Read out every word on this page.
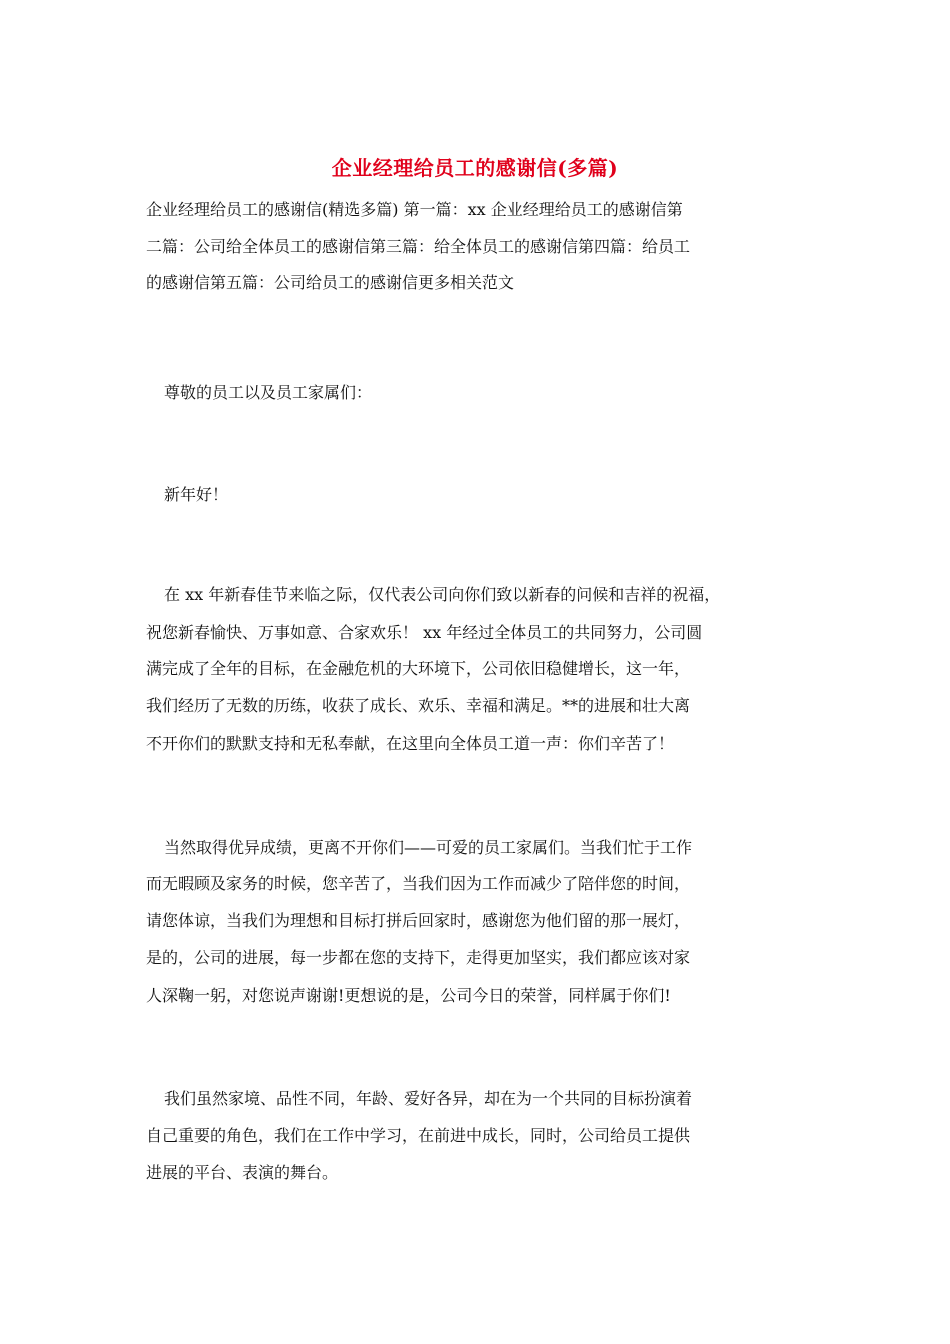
企业经理给员工的感谢信(多篇)
企业经理给员工的感谢信(精选多篇) 第一篇：xx 企业经理给员工的感谢信第
二篇：公司给全体员工的感谢信第三篇：给全体员工的感谢信第四篇：给员工
的感谢信第五篇：公司给员工的感谢信更多相关范文
尊敬的员工以及员工家属们：
新年好！
在 xx 年新春佳节来临之际，仅代表公司向你们致以新春的问候和吉祥的祝福，
祝您新春愉快、万事如意、合家欢乐！ xx 年经过全体员工的共同努力，公司圆
满完成了全年的目标，在金融危机的大环境下，公司依旧稳健增长，这一年，
我们经历了无数的历练，收获了成长、欢乐、幸福和满足。**的进展和壮大离
不开你们的默默支持和无私奉献，在这里向全体员工道一声：你们辛苦了！
当然取得优异成绩，更离不开你们——可爱的员工家属们。当我们忙于工作
而无暇顾及家务的时候，您辛苦了，当我们因为工作而减少了陪伴您的时间，
请您体谅，当我们为理想和目标打拼后回家时，感谢您为他们留的那一展灯，
是的，公司的进展，每一步都在您的支持下，走得更加坚实，我们都应该对家
人深鞠一躬，对您说声谢谢!更想说的是，公司今日的荣誉，同样属于你们!
我们虽然家境、品性不同，年龄、爱好各异，却在为一个共同的目标扮演着
自己重要的角色，我们在工作中学习，在前进中成长，同时，公司给员工提供
进展的平台、表演的舞台。
